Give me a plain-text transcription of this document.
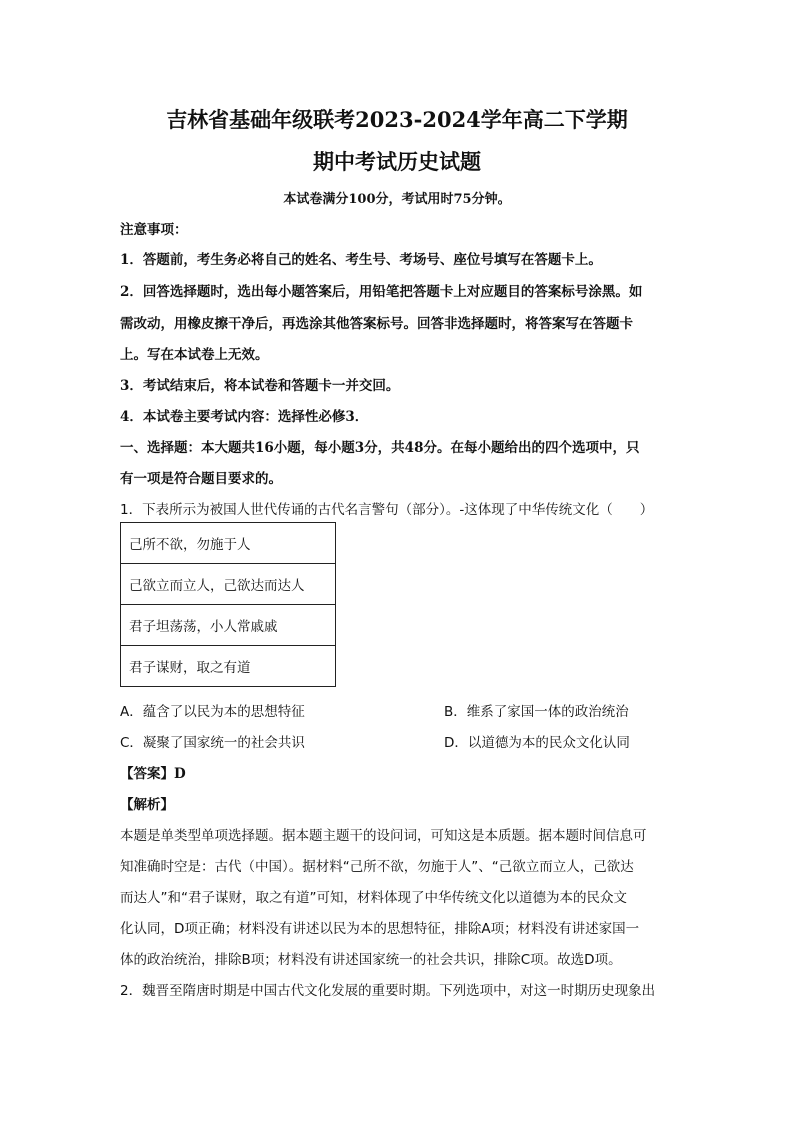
吉林省基础年级联考2023-2024学年高二下学期
期中考试历史试题
本试卷满分100分，考试用时75分钟。
注意事项：
1．答题前，考生务必将自己的姓名、考生号、考场号、座位号填写在答题卡上。
2．回答选择题时，选出每小题答案后，用铅笔把答题卡上对应题目的答案标号涂黑。如
需改动，用橡皮擦干净后，再选涂其他答案标号。回答非选择题时，将答案写在答题卡
上。写在本试卷上无效。
3．考试结束后，将本试卷和答题卡一并交回。
4．本试卷主要考试内容：选择性必修3．
一、选择题：本大题共16小题，每小题3分，共48分。在每小题给出的四个选项中，只
有一项是符合题目要求的。
1．下表所示为被国人世代传诵的古代名言警句（部分）。-这体现了中华传统文化（　　）
己所不欲，勿施于人
己欲立而立人，己欲达而达人
君子坦荡荡，小人常戚戚
君子谋财，取之有道
A．蕴含了以民为本的思想特征	B．维系了家国一体的政治统治
C．凝聚了国家统一的社会共识	D．以道德为本的民众文化认同
【答案】D
【解析】
本题是单类型单项选择题。据本题主题干的设问词，可知这是本质题。据本题时间信息可
知准确时空是：古代（中国）。据材料“己所不欲，勿施于人”、“己欲立而立人，己欲达
而达人”和“君子谋财，取之有道”可知，材料体现了中华传统文化以道德为本的民众文
化认同，D项正确；材料没有讲述以民为本的思想特征，排除A项；材料没有讲述家国一
体的政治统治，排除B项；材料没有讲述国家统一的社会共识，排除C项。故选D项。
2．魏晋至隋唐时期是中国古代文化发展的重要时期。下列选项中，对这一时期历史现象出
